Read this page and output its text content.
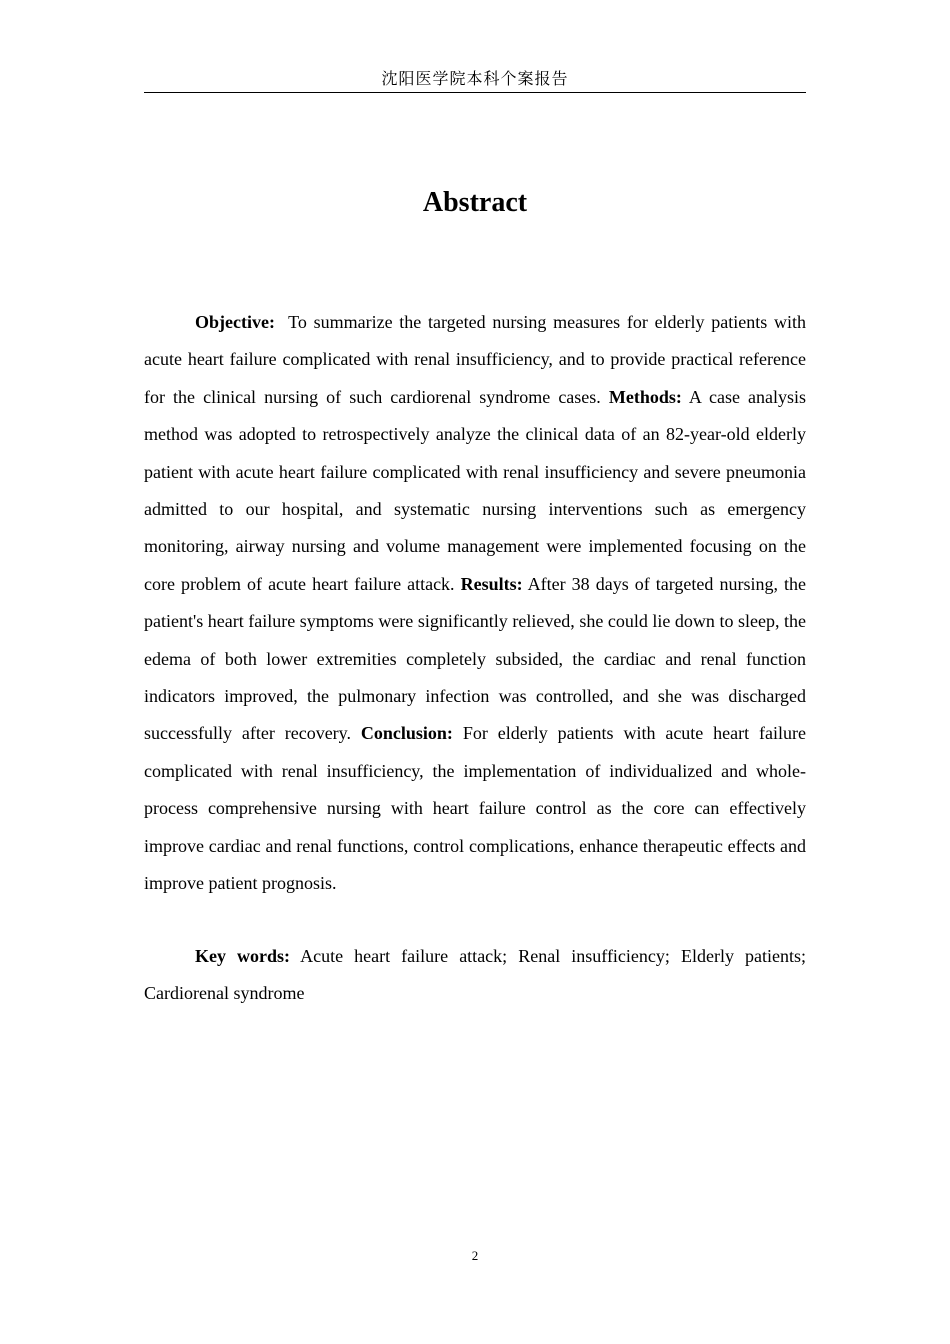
沈阳医学院本科个案报告
Abstract

Objective: To summarize the targeted nursing measures for elderly patients with acute heart failure complicated with renal insufficiency, and to provide practical reference for the clinical nursing of such cardiorenal syndrome cases. Methods: A case analysis method was adopted to retrospectively analyze the clinical data of an 82-year-old elderly patient with acute heart failure complicated with renal insufficiency and severe pneumonia admitted to our hospital, and systematic nursing interventions such as emergency monitoring, airway nursing and volume management were implemented focusing on the core problem of acute heart failure attack. Results: After 38 days of targeted nursing, the patient's heart failure symptoms were significantly relieved, she could lie down to sleep, the edema of both lower extremities completely subsided, the cardiac and renal function indicators improved, the pulmonary infection was controlled, and she was discharged successfully after recovery. Conclusion: For elderly patients with acute heart failure complicated with renal insufficiency, the implementation of individualized and whole-process comprehensive nursing with heart failure control as the core can effectively improve cardiac and renal functions, control complications, enhance therapeutic effects and improve patient prognosis.

Key words: Acute heart failure attack; Renal insufficiency; Elderly patients; Cardiorenal syndrome

2
